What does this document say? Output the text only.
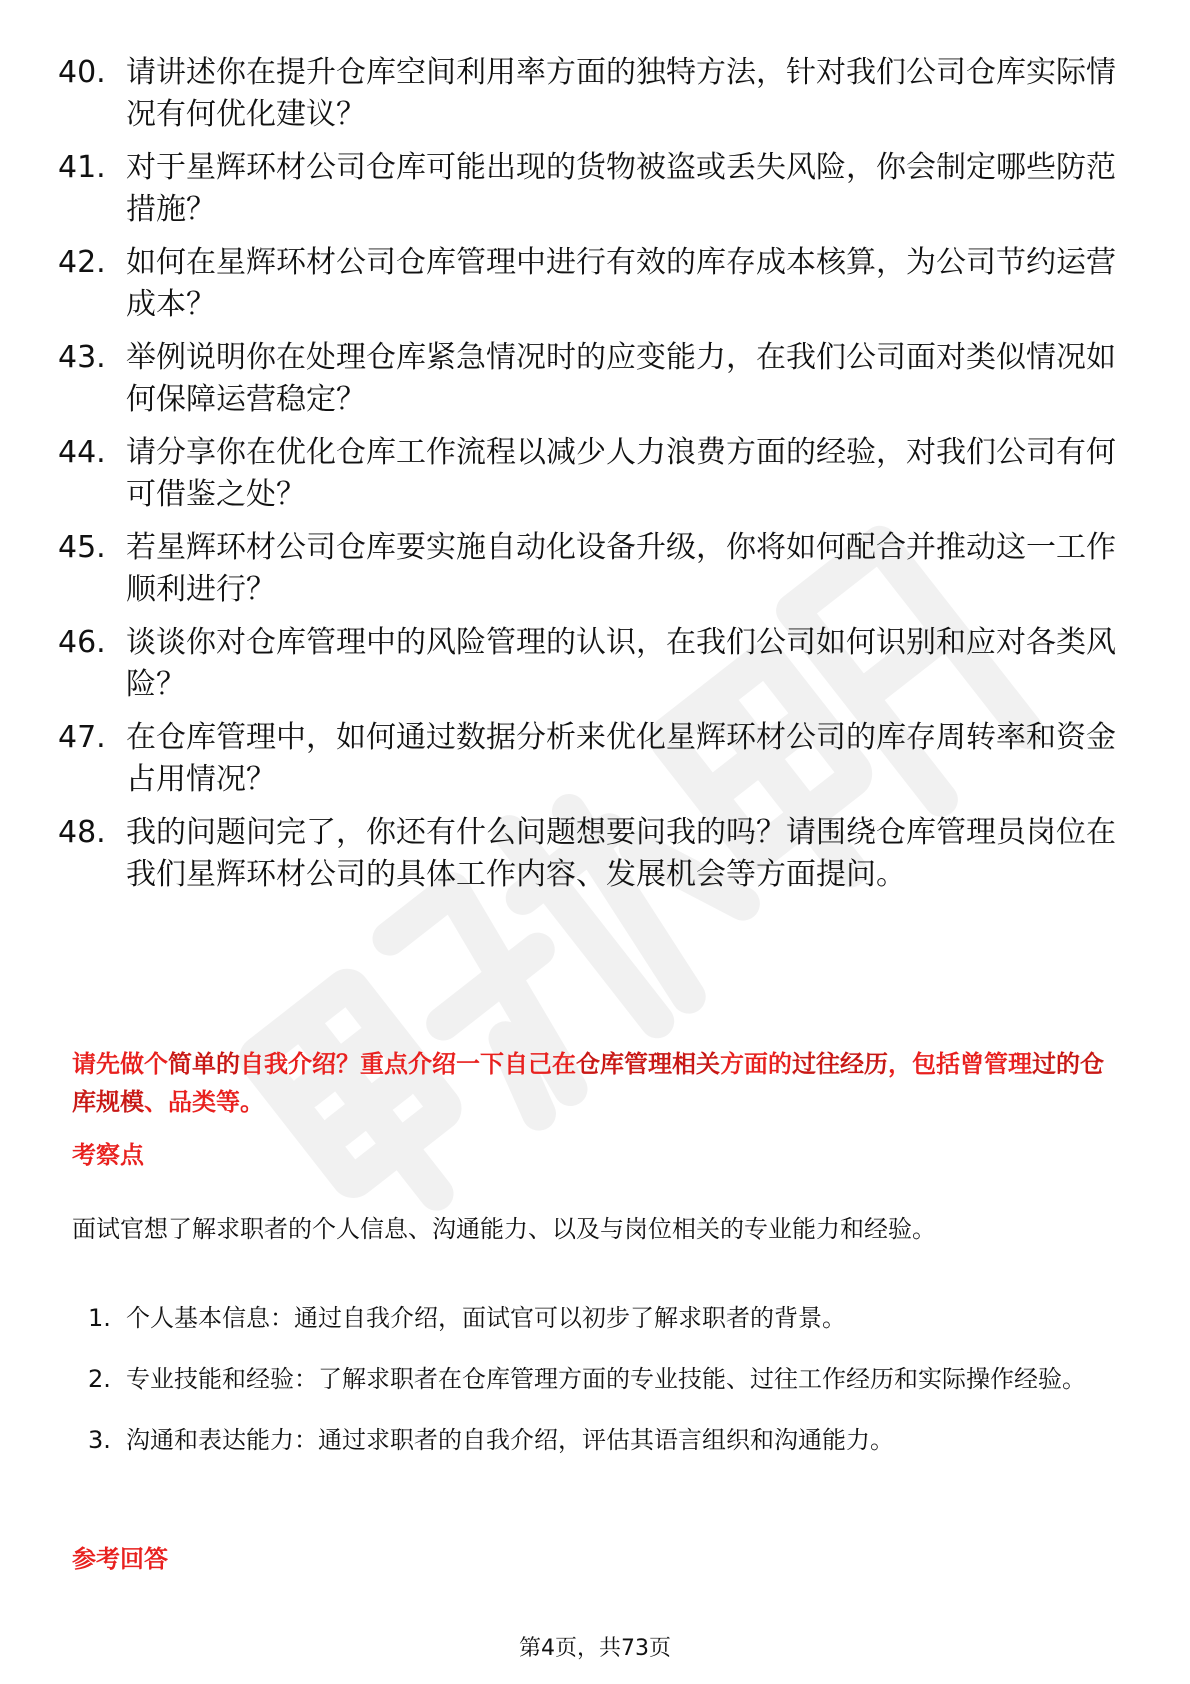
40. 请讲述你在提升仓库空间利用率方面的独特方法，针对我们公司仓库实际情况有何优化建议？
41. 对于星辉环材公司仓库可能出现的货物被盗或丢失风险，你会制定哪些防范措施？
42. 如何在星辉环材公司仓库管理中进行有效的库存成本核算，为公司节约运营成本？
43. 举例说明你在处理仓库紧急情况时的应变能力，在我们公司面对类似情况如何保障运营稳定？
44. 请分享你在优化仓库工作流程以减少人力浪费方面的经验，对我们公司有何可借鉴之处？
45. 若星辉环材公司仓库要实施自动化设备升级，你将如何配合并推动这一工作顺利进行？
46. 谈谈你对仓库管理中的风险管理的认识，在我们公司如何识别和应对各类风险？
47. 在仓库管理中，如何通过数据分析来优化星辉环材公司的库存周转率和资金占用情况？
48. 我的问题问完了，你还有什么问题想要问我的吗？请围绕仓库管理员岗位在我们星辉环材公司的具体工作内容、发展机会等方面提问。

请先做个简单的自我介绍？重点介绍一下自己在仓库管理相关方面的过往经历，包括曾管理过的仓库规模、品类等。

考察点

面试官想了解求职者的个人信息、沟通能力、以及与岗位相关的专业能力和经验。

1. 个人基本信息：通过自我介绍，面试官可以初步了解求职者的背景。
2. 专业技能和经验：了解求职者在仓库管理方面的专业技能、过往工作经历和实际操作经验。
3. 沟通和表达能力：通过求职者的自我介绍，评估其语言组织和沟通能力。
参考回答
第4页，共73页
